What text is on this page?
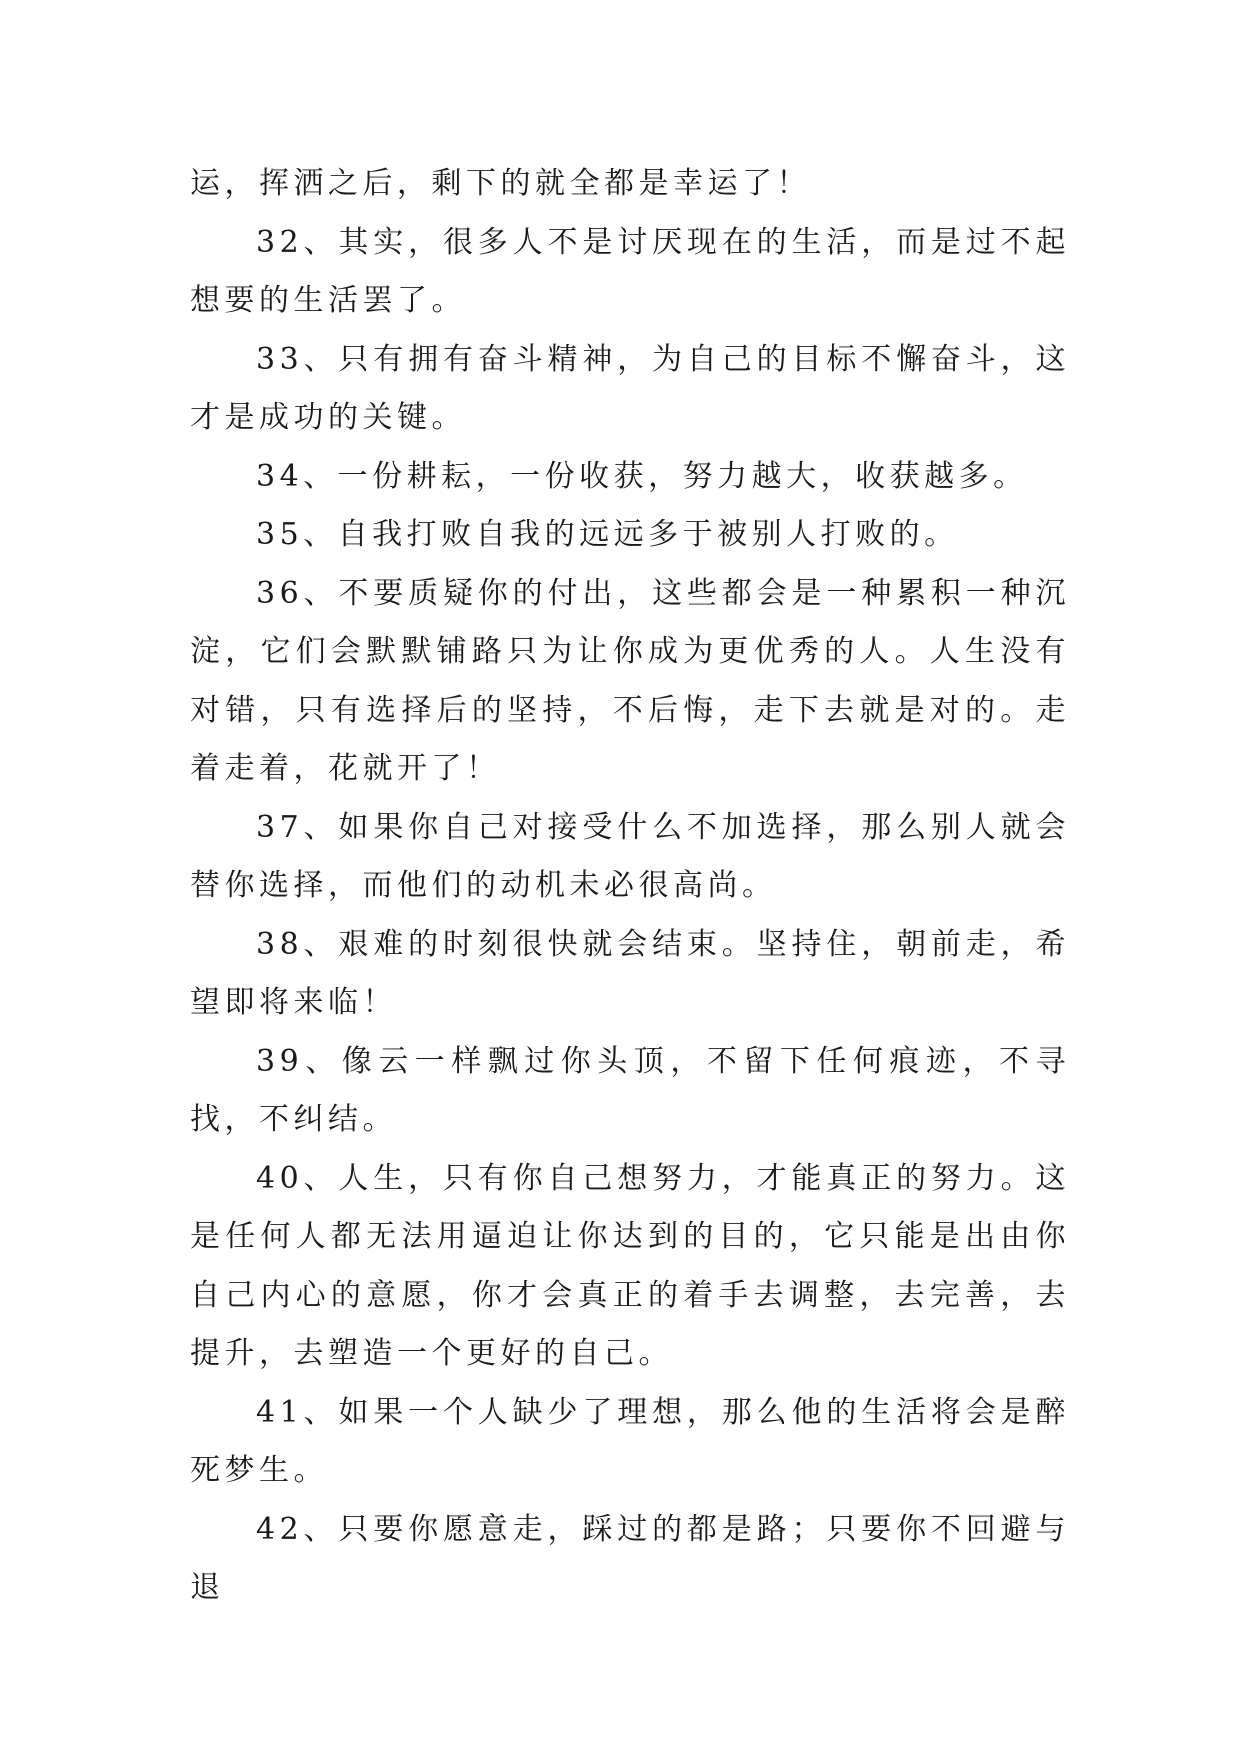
运，挥洒之后，剩下的就全都是幸运了！

32、其实，很多人不是讨厌现在的生活，而是过不起想要的生活罢了。

33、只有拥有奋斗精神，为自己的目标不懈奋斗，这才是成功的关键。

34、一份耕耘，一份收获，努力越大，收获越多。

35、自我打败自我的远远多于被别人打败的。

36、不要质疑你的付出，这些都会是一种累积一种沉淀，它们会默默铺路只为让你成为更优秀的人。人生没有对错，只有选择后的坚持，不后悔，走下去就是对的。走着走着，花就开了！

37、如果你自己对接受什么不加选择，那么别人就会替你选择，而他们的动机未必很高尚。

38、艰难的时刻很快就会结束。坚持住，朝前走，希望即将来临！

39、像云一样飘过你头顶，不留下任何痕迹，不寻找，不纠结。

40、人生，只有你自己想努力，才能真正的努力。这是任何人都无法用逼迫让你达到的目的，它只能是出由你自己内心的意愿，你才会真正的着手去调整，去完善，去提升，去塑造一个更好的自己。

41、如果一个人缺少了理想，那么他的生活将会是醉死梦生。

42、只要你愿意走，踩过的都是路；只要你不回避与退
